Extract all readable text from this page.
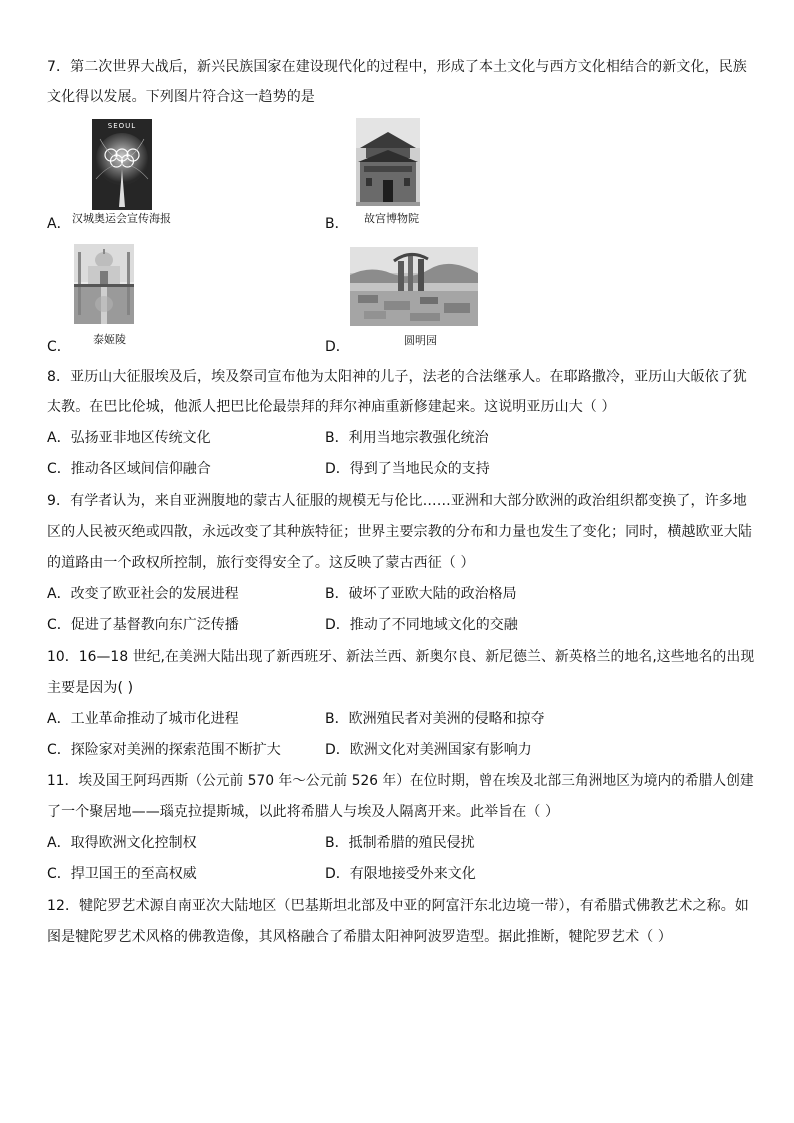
7．第二次世界大战后，新兴民族国家在建设现代化的过程中，形成了本土文化与西方文化相结合的新文化，民族
文化得以发展。下列图片符合这一趋势的是
SEOUL
A． 汉城奥运会宣传海报	B． 故宫博物院
C． 泰姬陵	D．	圆明园
8．亚历山大征服埃及后，埃及祭司宣布他为太阳神的儿子，法老的合法继承人。在耶路撒冷，亚历山大皈依了犹
太教。在巴比伦城，他派人把巴比伦最崇拜的拜尔神庙重新修建起来。这说明亚历山大（ ）
A．弘扬亚非地区传统文化	B．利用当地宗教强化统治
C．推动各区域间信仰融合	D．得到了当地民众的支持
9．有学者认为，来自亚洲腹地的蒙古人征服的规模无与伦比……亚洲和大部分欧洲的政治组织都变换了，许多地
区的人民被灭绝或四散，永远改变了其种族特征；世界主要宗教的分布和力量也发生了变化；同时，横越欧亚大陆
的道路由一个政权所控制，旅行变得安全了。这反映了蒙古西征（ ）
A．改变了欧亚社会的发展进程	B．破坏了亚欧大陆的政治格局
C．促进了基督教向东广泛传播	D．推动了不同地域文化的交融
10．16—18 世纪,在美洲大陆出现了新西班牙、新法兰西、新奥尔良、新尼德兰、新英格兰的地名,这些地名的出现
主要是因为( )
A．工业革命推动了城市化进程	B．欧洲殖民者对美洲的侵略和掠夺
C．探险家对美洲的探索范围不断扩大	D．欧洲文化对美洲国家有影响力
11．埃及国王阿玛西斯（公元前 570 年～公元前 526 年）在位时期，曾在埃及北部三角洲地区为境内的希腊人创建
了一个聚居地——瑙克拉提斯城，以此将希腊人与埃及人隔离开来。此举旨在（ ）
A．取得欧洲文化控制权	B．抵制希腊的殖民侵扰
C．捍卫国王的至高权威	D．有限地接受外来文化
12．犍陀罗艺术源自南亚次大陆地区（巴基斯坦北部及中亚的阿富汗东北边境一带），有希腊式佛教艺术之称。如
图是犍陀罗艺术风格的佛教造像，其风格融合了希腊太阳神阿波罗造型。据此推断，犍陀罗艺术（ ）
